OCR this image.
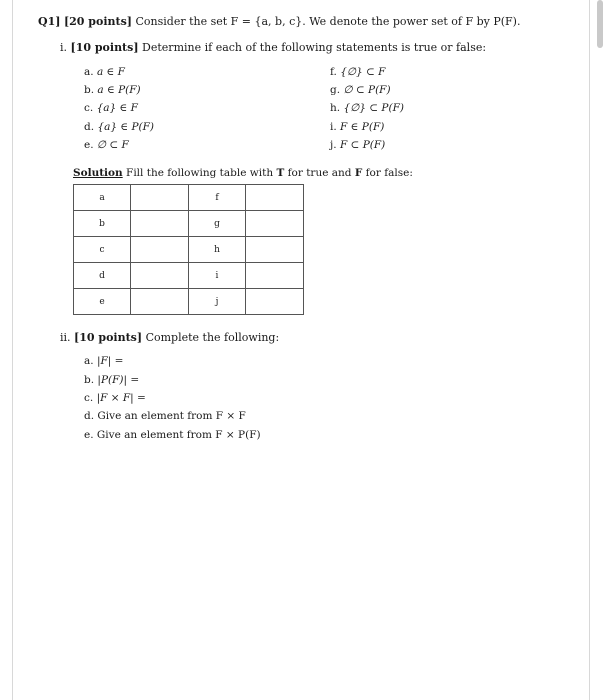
Q1] [20 points] Consider the set F = {a, b, c}. We denote the power set of F by P(F).
i. [10 points] Determine if each of the following statements is true or false:
a. a ∈ F
b. a ∈ P(F)
c. {a} ∈ F
d. {a} ∈ P(F)
e. ∅ ⊂ F
f. {∅} ⊂ F
g. ∅ ⊂ P(F)
h. {∅} ⊂ P(F)
i. F ∈ P(F)
j. F ⊂ P(F)
Solution Fill the following table with T for true and F for false:
a		f	
b		g	
c		h	
d		i	
e		j	
ii. [10 points] Complete the following:
a. |F| =
b. |P(F)| =
c. |F × F| =
d. Give an element from F × F
e. Give an element from F × P(F)
